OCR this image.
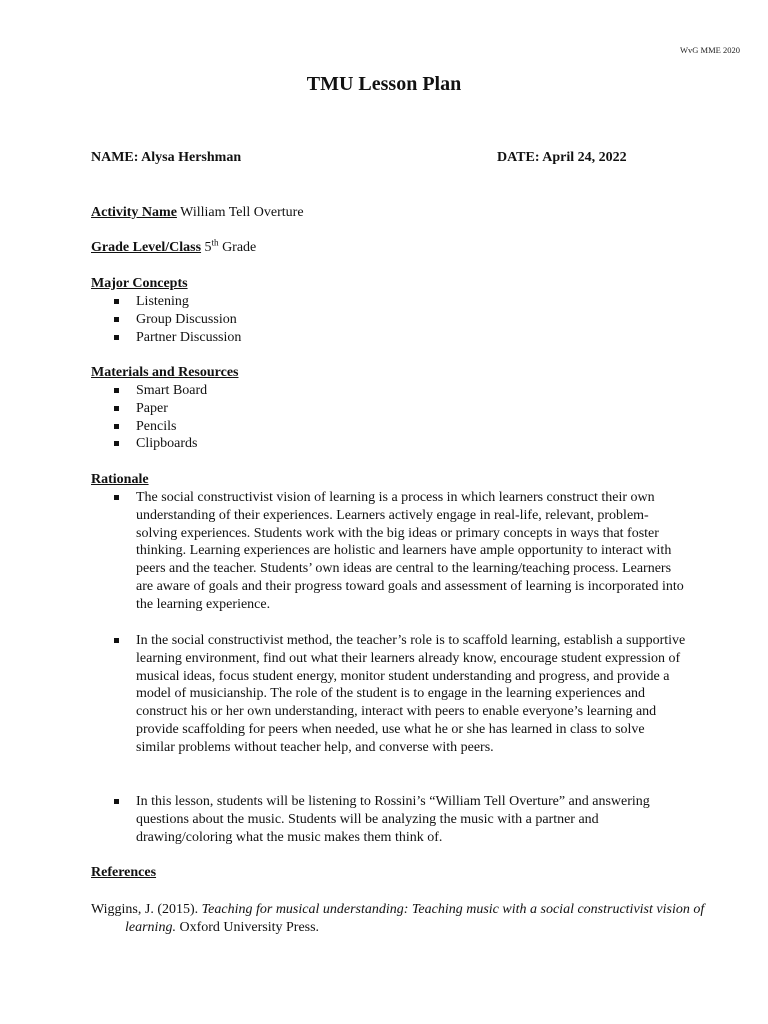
WvG MME 2020
TMU Lesson Plan
NAME: Alysa Hershman	DATE: April 24, 2022
Activity Name William Tell Overture
Grade Level/Class 5th Grade
Major Concepts
Listening
Group Discussion
Partner Discussion
Materials and Resources
Smart Board
Paper
Pencils
Clipboards
Rationale
The social constructivist vision of learning is a process in which learners construct their own understanding of their experiences. Learners actively engage in real-life, relevant, problem-solving experiences. Students work with the big ideas or primary concepts in ways that foster thinking. Learning experiences are holistic and learners have ample opportunity to interact with peers and the teacher. Students’ own ideas are central to the learning/teaching process. Learners are aware of goals and their progress toward goals and assessment of learning is incorporated into the learning experience.
In the social constructivist method, the teacher’s role is to scaffold learning, establish a supportive learning environment, find out what their learners already know, encourage student expression of musical ideas, focus student energy, monitor student understanding and progress, and provide a model of musicianship. The role of the student is to engage in the learning experiences and construct his or her own understanding, interact with peers to enable everyone’s learning and provide scaffolding for peers when needed, use what he or she has learned in class to solve similar problems without teacher help, and converse with peers.
In this lesson, students will be listening to Rossini’s “William Tell Overture” and answering questions about the music. Students will be analyzing the music with a partner and drawing/coloring what the music makes them think of.
References
Wiggins, J. (2015). Teaching for musical understanding: Teaching music with a social constructivist vision of learning. Oxford University Press.
